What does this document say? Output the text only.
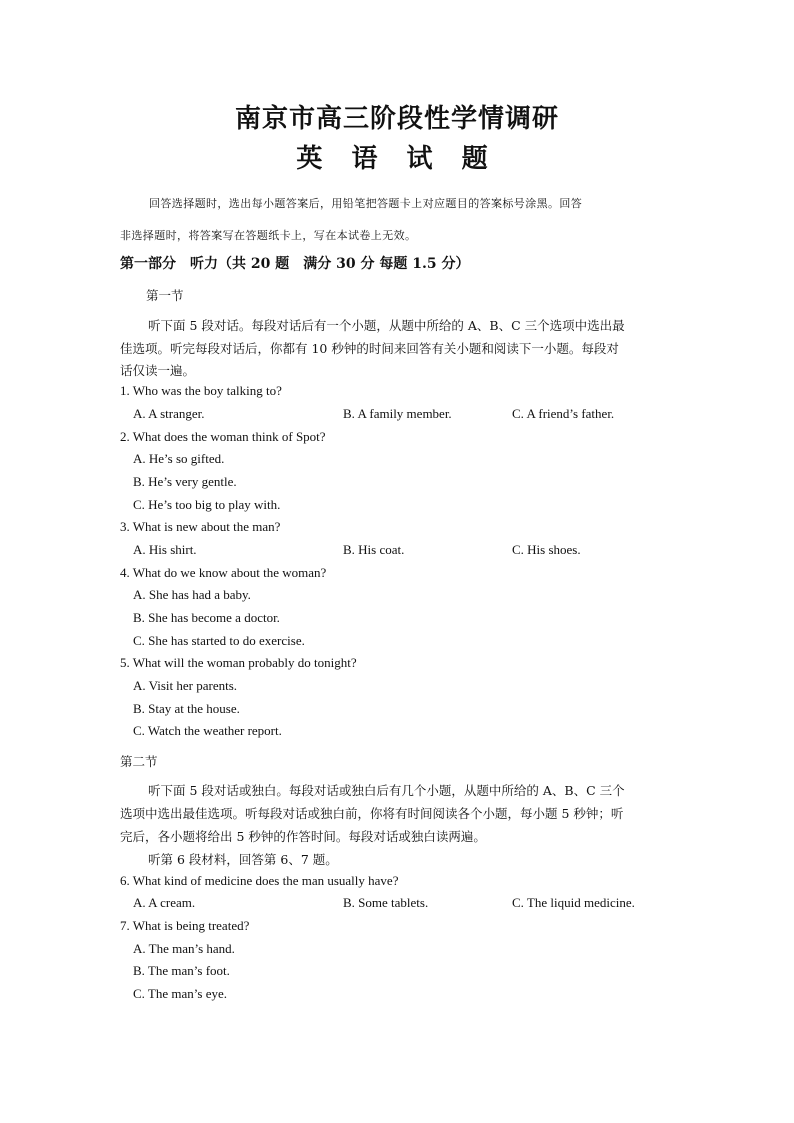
南京市高三阶段性学情调研
英 语 试 题
回答选择题时，选出每小题答案后，用铅笔把答题卡上对应题目的答案标号涂黑。回答
非选择题时，将答案写在答题纸卡上，写在本试卷上无效。
第一部分　听力（共 20 题　满分 30 分 每题 1.5 分）
第一节
听下面 5 段对话。每段对话后有一个小题，从题中所给的 A、B、C 三个选项中选出最
佳选项。听完每段对话后，你都有 10 秒钟的时间来回答有关小题和阅读下一小题。每段对
话仅读一遍。
1. Who was the boy talking to?
A. A stranger.	B. A family member.	C. A friend’s father.
2. What does the woman think of Spot?
A. He’s so gifted.
B. He’s very gentle.
C. He’s too big to play with.
3. What is new about the man?
A. His shirt.	B. His coat.	C. His shoes.
4. What do we know about the woman?
A. She has had a baby.
B. She has become a doctor.
C. She has started to do exercise.
5. What will the woman probably do tonight?
A. Visit her parents.
B. Stay at the house.
C. Watch the weather report.
第二节
听下面 5 段对话或独白。每段对话或独白后有几个小题，从题中所给的 A、B、C 三个
选项中选出最佳选项。听每段对话或独白前，你将有时间阅读各个小题，每小题 5 秒钟；听
完后，各小题将给出 5 秒钟的作答时间。每段对话或独白读两遍。
听第 6 段材料，回答第 6、7 题。
6. What kind of medicine does the man usually have?
A. A cream.	B. Some tablets.	C. The liquid medicine.
7. What is being treated?
A. The man’s hand.
B. The man’s foot.
C. The man’s eye.
